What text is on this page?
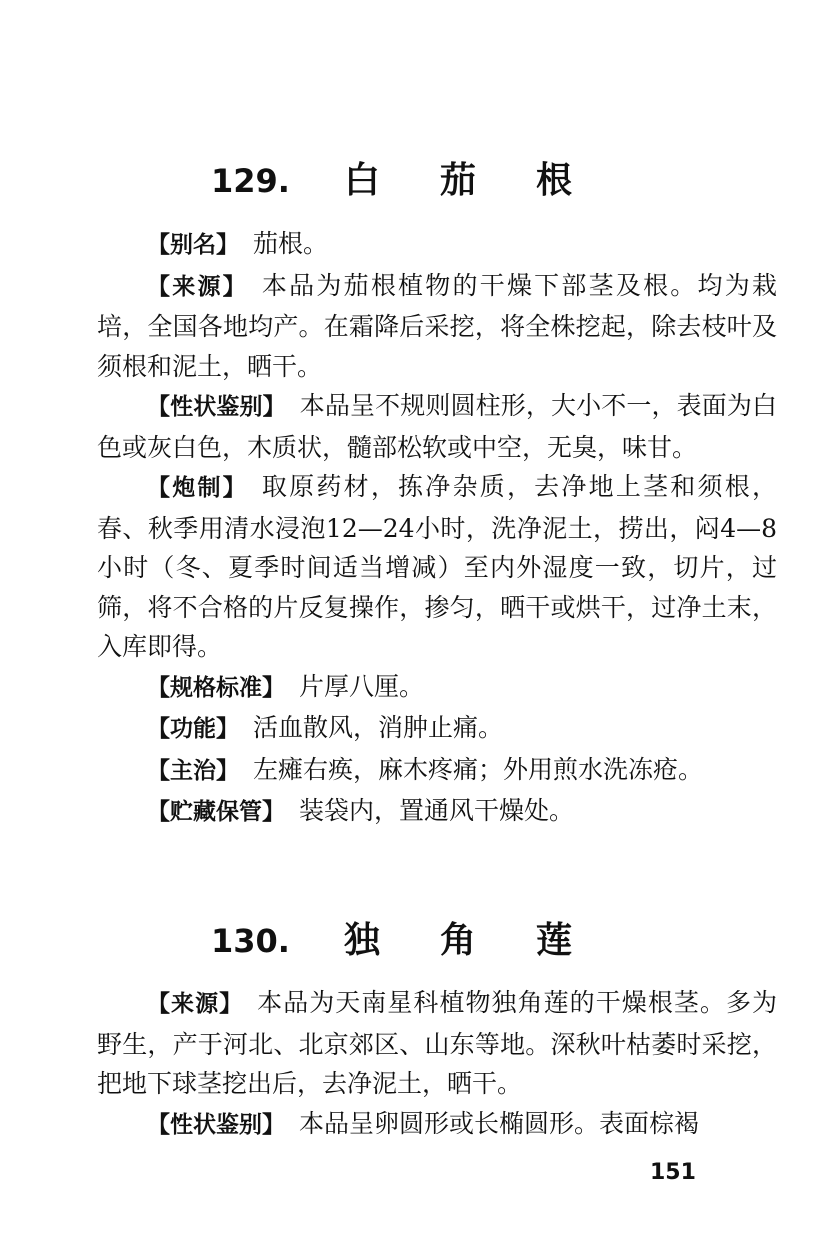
129. 白 茄 根

【别名】 茄根。

【来源】 本品为茄根植物的干燥下部茎及根。均为栽培，全国各地均产。在霜降后采挖，将全株挖起，除去枝叶及须根和泥土，晒干。

【性状鉴别】 本品呈不规则圆柱形，大小不一，表面为白色或灰白色，木质状，髓部松软或中空，无臭，味甘。

【炮制】 取原药材，拣净杂质，去净地上茎和须根，春、秋季用清水浸泡12—24小时，洗净泥土，捞出，闷4—8小时（冬、夏季时间适当增减）至内外湿度一致，切片，过筛，将不合格的片反复操作，掺匀，晒干或烘干，过净土末，入库即得。

【规格标准】 片厚八厘。

【功能】 活血散风，消肿止痛。

【主治】 左瘫右痪，麻木疼痛；外用煎水洗冻疮。

【贮藏保管】 装袋内，置通风干燥处。

130. 独 角 莲

【来源】 本品为天南星科植物独角莲的干燥根茎。多为野生，产于河北、北京郊区、山东等地。深秋叶枯萎时采挖，把地下球茎挖出后，去净泥土，晒干。

【性状鉴别】 本品呈卵圆形或长椭圆形。表面棕褐

151
